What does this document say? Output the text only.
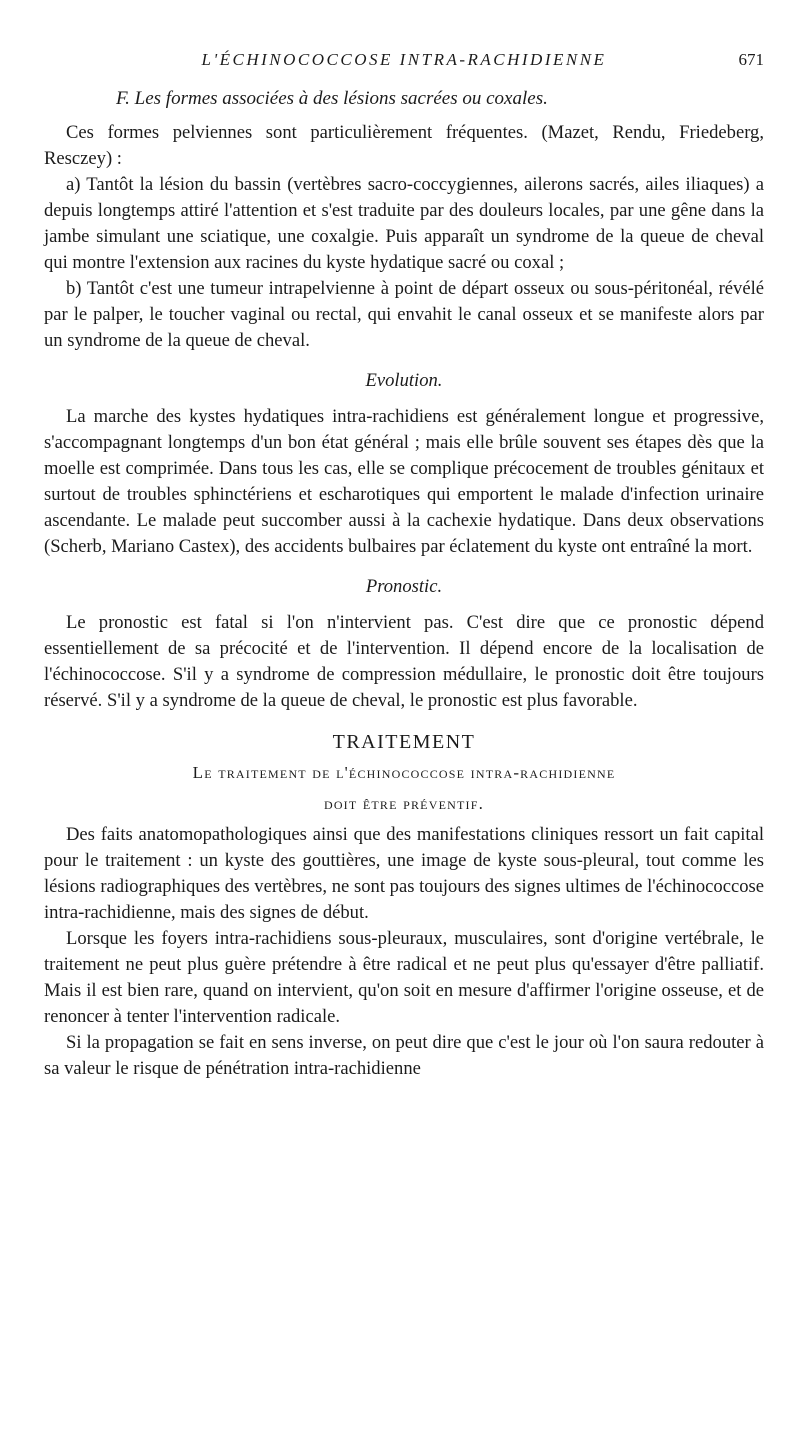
L'ÉCHINOCOCCOSE INTRA-RACHIDIENNE	671
F. Les formes associées à des lésions sacrées ou coxales.

Ces formes pelviennes sont particulièrement fréquentes. (Mazet, Rendu, Friedeberg, Resczey) :

a) Tantôt la lésion du bassin (vertèbres sacro-coccygiennes, ailerons sacrés, ailes iliaques) a depuis longtemps attiré l'attention et s'est traduite par des douleurs locales, par une gêne dans la jambe simulant une sciatique, une coxalgie. Puis apparaît un syndrome de la queue de cheval qui montre l'extension aux racines du kyste hydatique sacré ou coxal ;

b) Tantôt c'est une tumeur intrapelvienne à point de départ osseux ou sous-péritonéal, révélé par le palper, le toucher vaginal ou rectal, qui envahit le canal osseux et se manifeste alors par un syndrome de la queue de cheval.

Evolution.

La marche des kystes hydatiques intra-rachidiens est généralement longue et progressive, s'accompagnant longtemps d'un bon état général ; mais elle brûle souvent ses étapes dès que la moelle est comprimée. Dans tous les cas, elle se complique précocement de troubles génitaux et surtout de troubles sphinctériens et escharotiques qui emportent le malade d'infection urinaire ascendante. Le malade peut succomber aussi à la cachexie hydatique. Dans deux observations (Scherb, Mariano Castex), des accidents bulbaires par éclatement du kyste ont entraîné la mort.

Pronostic.

Le pronostic est fatal si l'on n'intervient pas. C'est dire que ce pronostic dépend essentiellement de sa précocité et de l'intervention. Il dépend encore de la localisation de l'échinococcose. S'il y a syndrome de compression médullaire, le pronostic doit être toujours réservé. S'il y a syndrome de la queue de cheval, le pronostic est plus favorable.

TRAITEMENT
Le traitement de l'échinococcose intra-rachidienne
doit être préventif.

Des faits anatomopathologiques ainsi que des manifestations cliniques ressort un fait capital pour le traitement : un kyste des gouttières, une image de kyste sous-pleural, tout comme les lésions radiographiques des vertèbres, ne sont pas toujours des signes ultimes de l'échinococcose intra-rachidienne, mais des signes de début.

Lorsque les foyers intra-rachidiens sous-pleuraux, musculaires, sont d'origine vertébrale, le traitement ne peut plus guère prétendre à être radical et ne peut plus qu'essayer d'être palliatif. Mais il est bien rare, quand on intervient, qu'on soit en mesure d'affirmer l'origine osseuse, et de renoncer à tenter l'intervention radicale.

Si la propagation se fait en sens inverse, on peut dire que c'est le jour où l'on saura redouter à sa valeur le risque de pénétration intra-rachidienne
